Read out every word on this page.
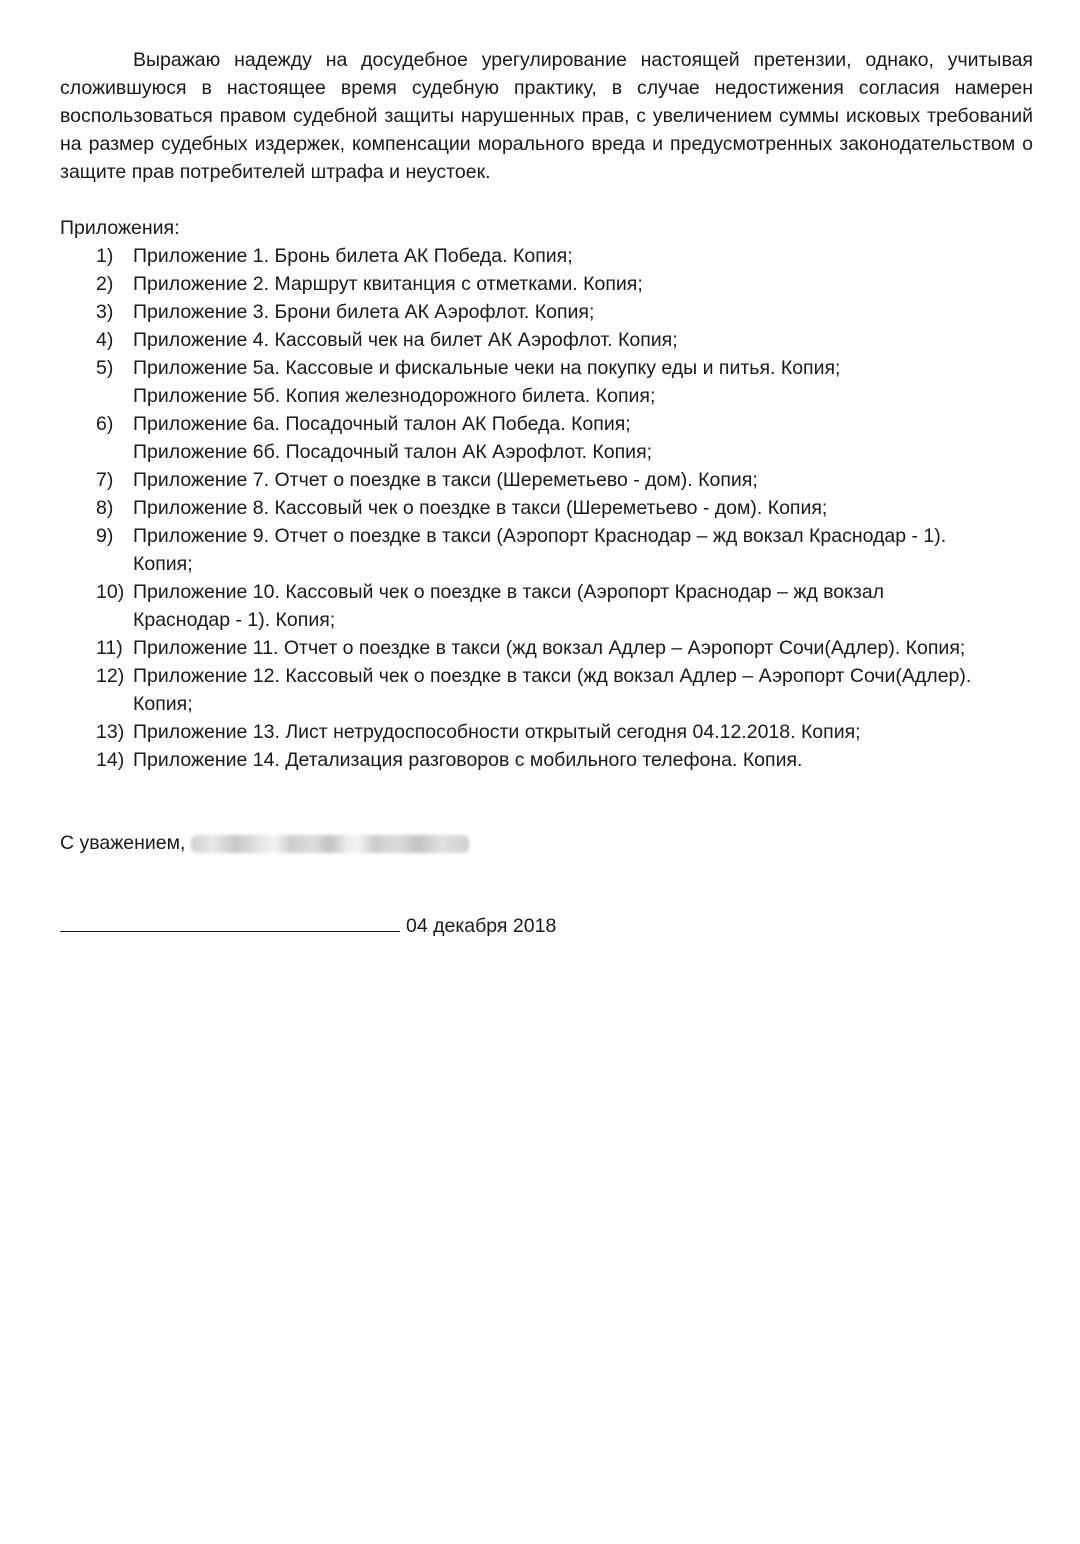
Выражаю надежду на досудебное урегулирование настоящей претензии, однако, учитывая сложившуюся в настоящее время судебную практику, в случае недостижения согласия намерен воспользоваться правом судебной защиты нарушенных прав, с увеличением суммы исковых требований на размер судебных издержек, компенсации морального вреда и предусмотренных законодательством о защите прав потребителей штрафа и неустоек.

Приложения:
1)	Приложение 1. Бронь билета АК Победа. Копия;
2)	Приложение 2. Маршрут квитанция с отметками. Копия;
3)	Приложение 3. Брони билета АК Аэрофлот. Копия;
4)	Приложение 4. Кассовый чек на билет АК Аэрофлот. Копия;
5)	Приложение 5а. Кассовые и фискальные чеки на покупку еды и питья. Копия;
Приложение 5б. Копия железнодорожного билета. Копия;
6)	Приложение 6а. Посадочный талон АК Победа. Копия;
Приложение 6б. Посадочный талон АК Аэрофлот. Копия;
7)	Приложение 7. Отчет о поездке в такси (Шереметьево - дом). Копия;
8)	Приложение 8. Кассовый чек о поездке в такси (Шереметьево - дом). Копия;
9)	Приложение 9. Отчет о поездке в такси (Аэропорт Краснодар – жд вокзал Краснодар - 1).
Копия;
10) Приложение 10. Кассовый чек о поездке в такси (Аэропорт Краснодар – жд вокзал
Краснодар - 1). Копия;
11) Приложение 11. Отчет о поездке в такси (жд вокзал Адлер – Аэропорт Сочи(Адлер). Копия;
12) Приложение 12. Кассовый чек о поездке в такси (жд вокзал Адлер – Аэропорт Сочи(Адлер).
Копия;
13) Приложение 13. Лист нетрудоспособности открытый сегодня 04.12.2018. Копия;
14) Приложение 14. Детализация разговоров с мобильного телефона. Копия.
С уважением,
04 декабря 2018
